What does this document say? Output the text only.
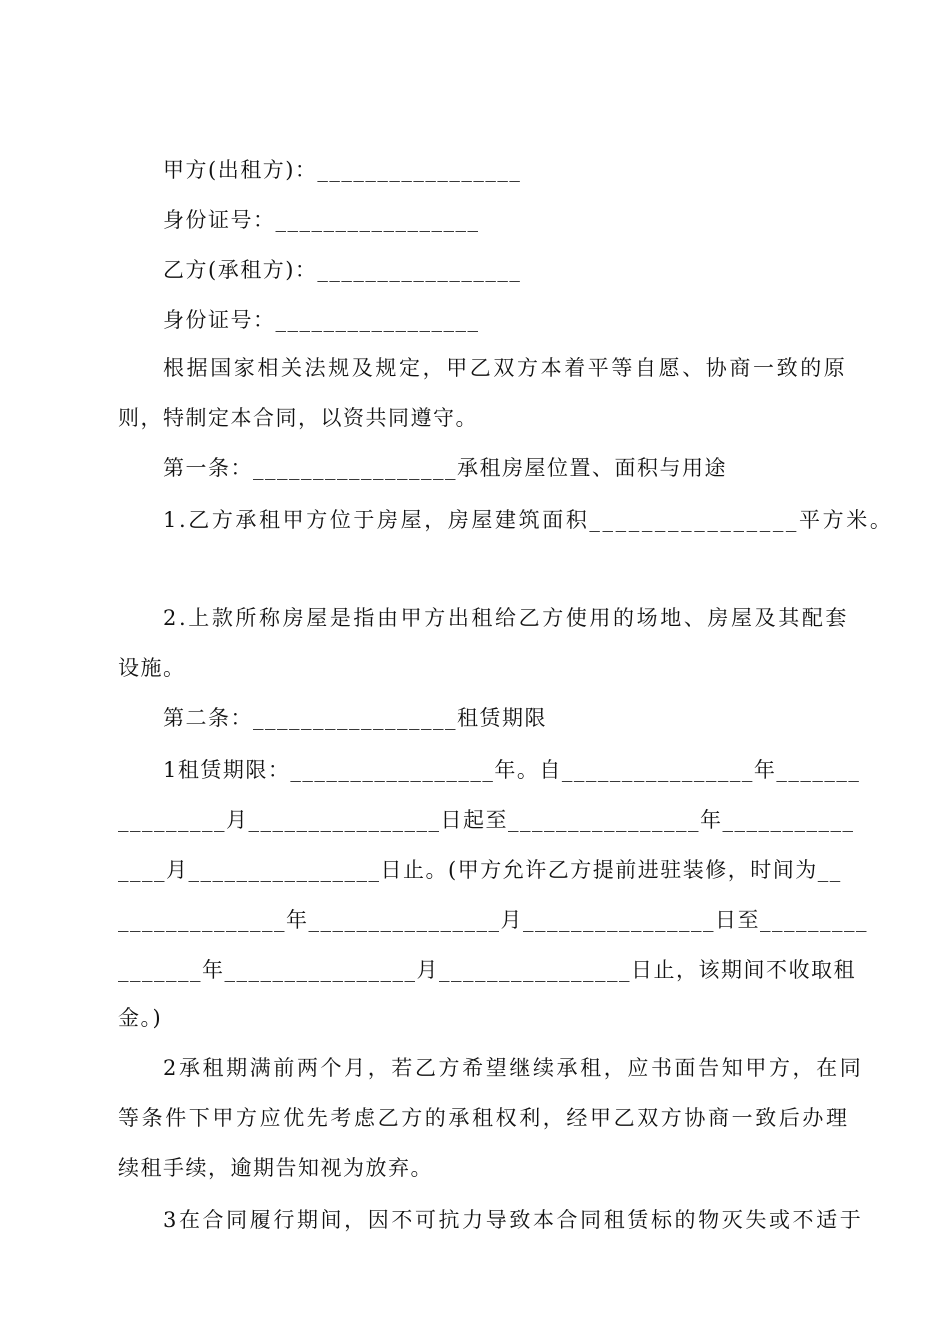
甲方(出租方)：_________________
身份证号：_________________
乙方(承租方)：_________________
身份证号：_________________
根据国家相关法规及规定，甲乙双方本着平等自愿、协商一致的原
则，特制定本合同，以资共同遵守。
第一条：_________________承租房屋位置、面积与用途
1.乙方承租甲方位于房屋，房屋建筑面积________________平方米。
2.上款所称房屋是指由甲方出租给乙方使用的场地、房屋及其配套
设施。
第二条：_________________租赁期限
1租赁期限：_________________年。自________________年_______
_________月________________日起至________________年___________
____月________________日止。(甲方允许乙方提前进驻装修，时间为__
______________年________________月________________日至_________
_______年________________月________________日止，该期间不收取租
金。)
2承租期满前两个月，若乙方希望继续承租，应书面告知甲方，在同
等条件下甲方应优先考虑乙方的承租权利，经甲乙双方协商一致后办理
续租手续，逾期告知视为放弃。
3在合同履行期间，因不可抗力导致本合同租赁标的物灭失或不适于
